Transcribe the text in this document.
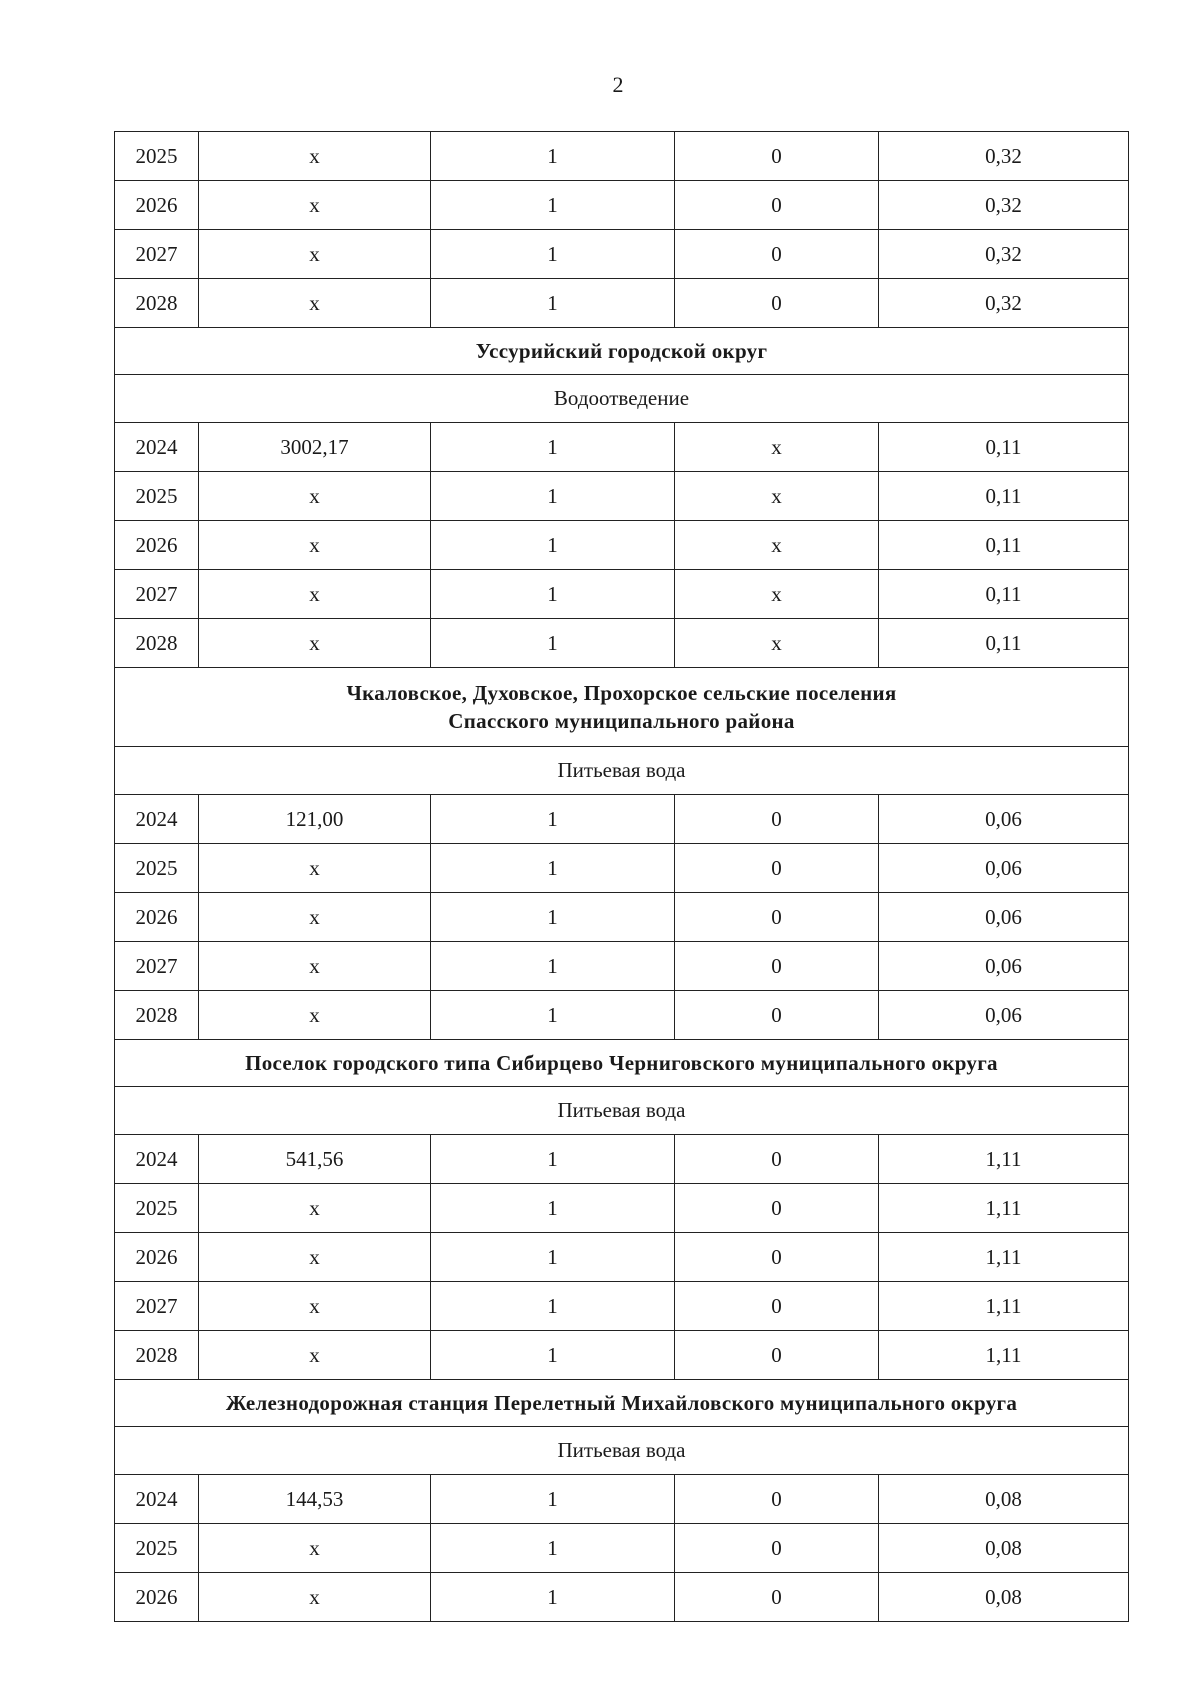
2
2025	x	1	0	0,32
2026	x	1	0	0,32
2027	x	1	0	0,32
2028	x	1	0	0,32

Уссурийский городской округ				

Водоотведение				
2024	3002,17	1	x	0,11
2025	x	1	x	0,11
2026	x	1	x	0,11
2027	x	1	x	0,11
2028	x	1	x	0,11

Чкаловское, Духовское, Прохорское сельские поселения
Спасского муниципального района				

Питьевая вода				
2024	121,00	1	0	0,06
2025	x	1	0	0,06
2026	x	1	0	0,06
2027	x	1	0	0,06
2028	x	1	0	0,06

Поселок городского типа Сибирцево Черниговского муниципального округа				

Питьевая вода				
2024	541,56	1	0	1,11
2025	x	1	0	1,11
2026	x	1	0	1,11
2027	x	1	0	1,11
2028	x	1	0	1,11

Железнодорожная станция Перелетный Михайловского муниципального округа				

Питьевая вода				
2024	144,53	1	0	0,08
2025	x	1	0	0,08
2026	x	1	0	0,08
